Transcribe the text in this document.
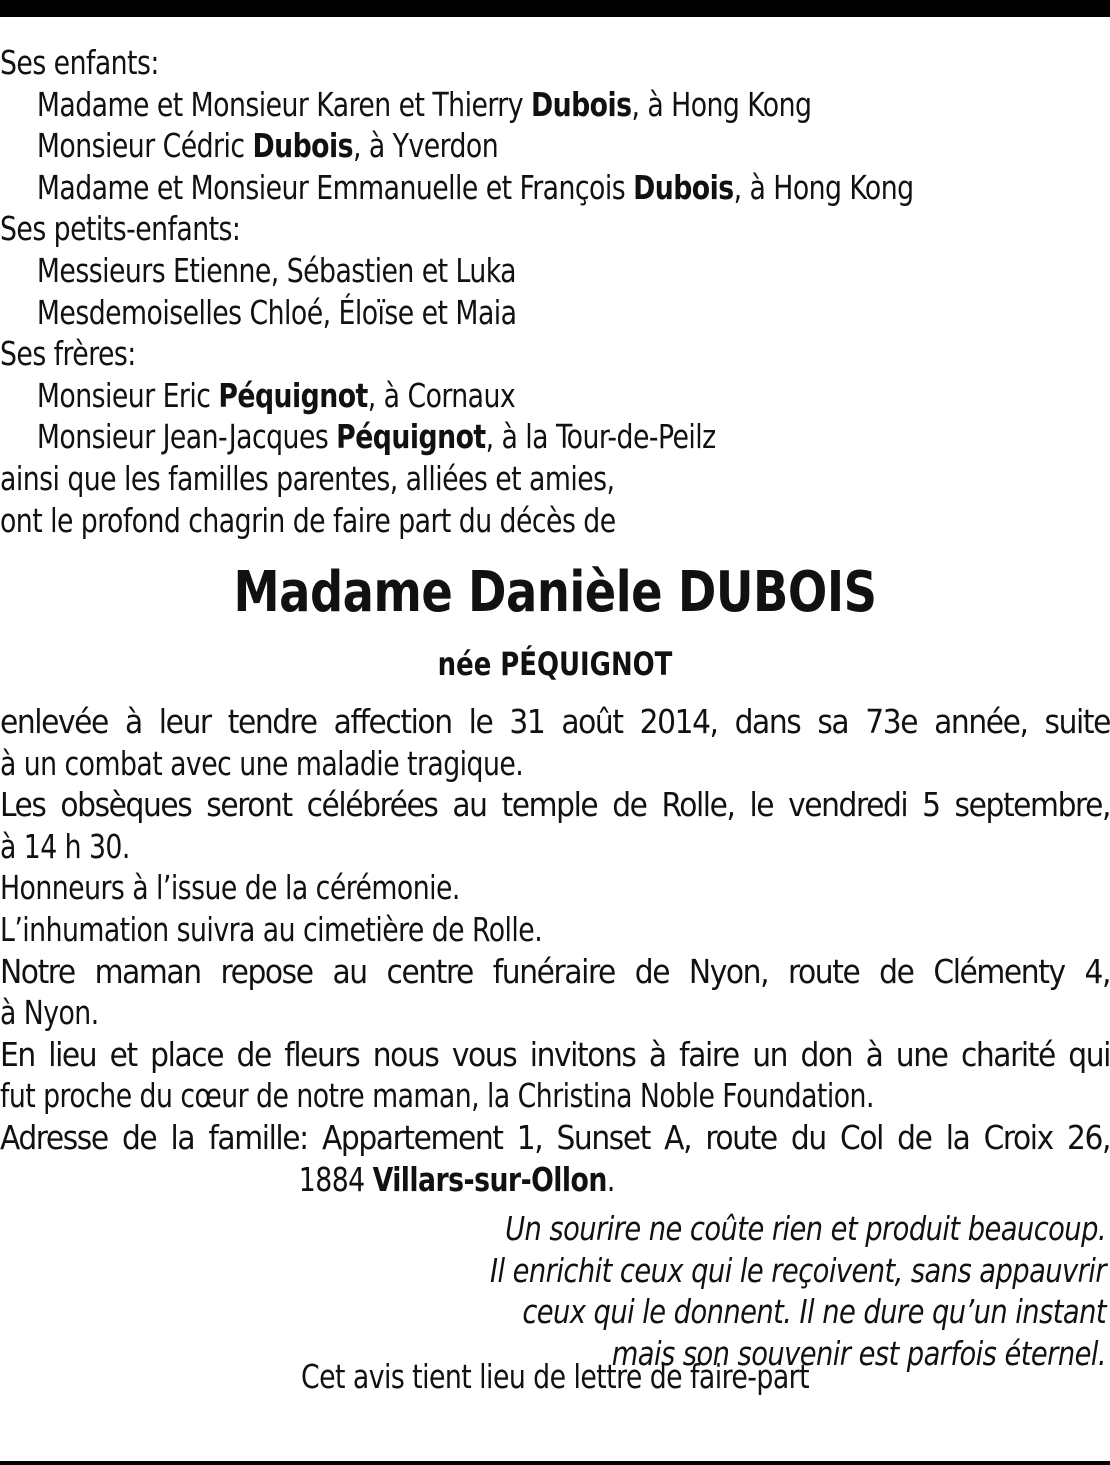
Ses enfants:
Madame et Monsieur Karen et Thierry Dubois, à Hong Kong
Monsieur Cédric Dubois, à Yverdon
Madame et Monsieur Emmanuelle et François Dubois, à Hong Kong
Ses petits-enfants:
Messieurs Etienne, Sébastien et Luka
Mesdemoiselles Chloé, Éloïse et Maia
Ses frères:
Monsieur Eric Péquignot, à Cornaux
Monsieur Jean-Jacques Péquignot, à la Tour-de-Peilz
ainsi que les familles parentes, alliées et amies,
ont le profond chagrin de faire part du décès de
Madame Danièle DUBOIS
née PÉQUIGNOT
enlevée à leur tendre affection le 31 août 2014, dans sa 73e année, suite
à un combat avec une maladie tragique.
Les obsèques seront célébrées au temple de Rolle, le vendredi 5 septembre,
à 14 h 30.
Honneurs à l’issue de la cérémonie.
L’inhumation suivra au cimetière de Rolle.
Notre maman repose au centre funéraire de Nyon, route de Clémenty 4,
à Nyon.
En lieu et place de fleurs nous vous invitons à faire un don à une charité qui
fut proche du cœur de notre maman, la Christina Noble Foundation.
Adresse de la famille: Appartement 1, Sunset A, route du Col de la Croix 26,
1884 Villars-sur-Ollon.
Un sourire ne coûte rien et produit beaucoup.
Il enrichit ceux qui le reçoivent, sans appauvrir
ceux qui le donnent. Il ne dure qu’un instant
mais son souvenir est parfois éternel.
Cet avis tient lieu de lettre de faire-part
